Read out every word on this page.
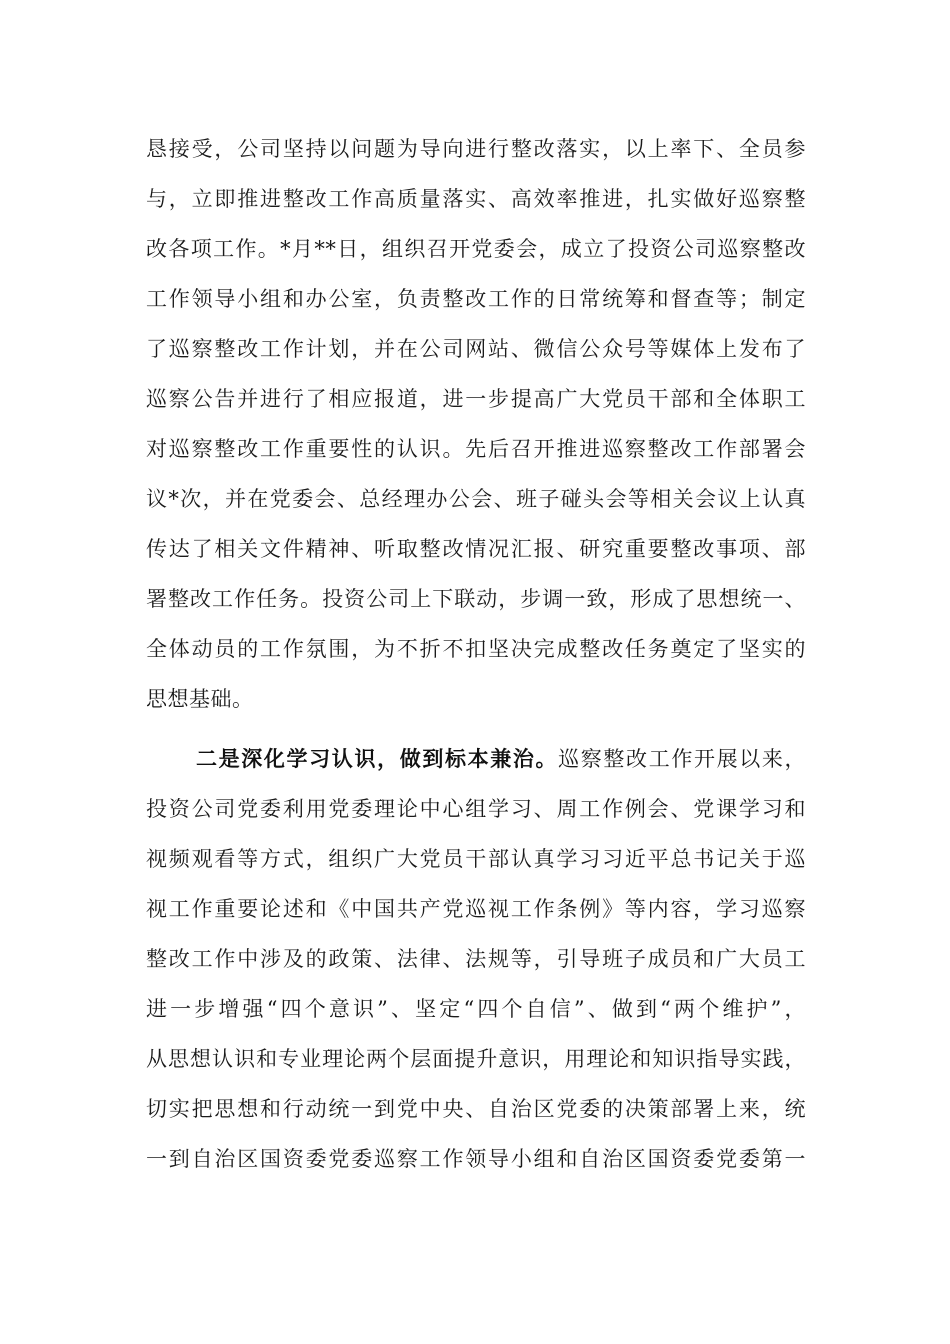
恳接受，公司坚持以问题为导向进行整改落实，以上率下、全员参
与，立即推进整改工作高质量落实、高效率推进，扎实做好巡察整
改各项工作。*月**日，组织召开党委会，成立了投资公司巡察整改
工作领导小组和办公室，负责整改工作的日常统筹和督查等；制定
了巡察整改工作计划，并在公司网站、微信公众号等媒体上发布了
巡察公告并进行了相应报道，进一步提高广大党员干部和全体职工
对巡察整改工作重要性的认识。先后召开推进巡察整改工作部署会
议*次，并在党委会、总经理办公会、班子碰头会等相关会议上认真
传达了相关文件精神、听取整改情况汇报、研究重要整改事项、部
署整改工作任务。投资公司上下联动，步调一致，形成了思想统一、
全体动员的工作氛围，为不折不扣坚决完成整改任务奠定了坚实的
思想基础。
二是深化学习认识，做到标本兼治。巡察整改工作开展以来，
投资公司党委利用党委理论中心组学习、周工作例会、党课学习和
视频观看等方式，组织广大党员干部认真学习习近平总书记关于巡
视工作重要论述和《中国共产党巡视工作条例》等内容，学习巡察
整改工作中涉及的政策、法律、法规等，引导班子成员和广大员工
进一步增强“四个意识”、坚定“四个自信”、做到“两个维护”，
从思想认识和专业理论两个层面提升意识，用理论和知识指导实践，
切实把思想和行动统一到党中央、自治区党委的决策部署上来，统
一到自治区国资委党委巡察工作领导小组和自治区国资委党委第一
